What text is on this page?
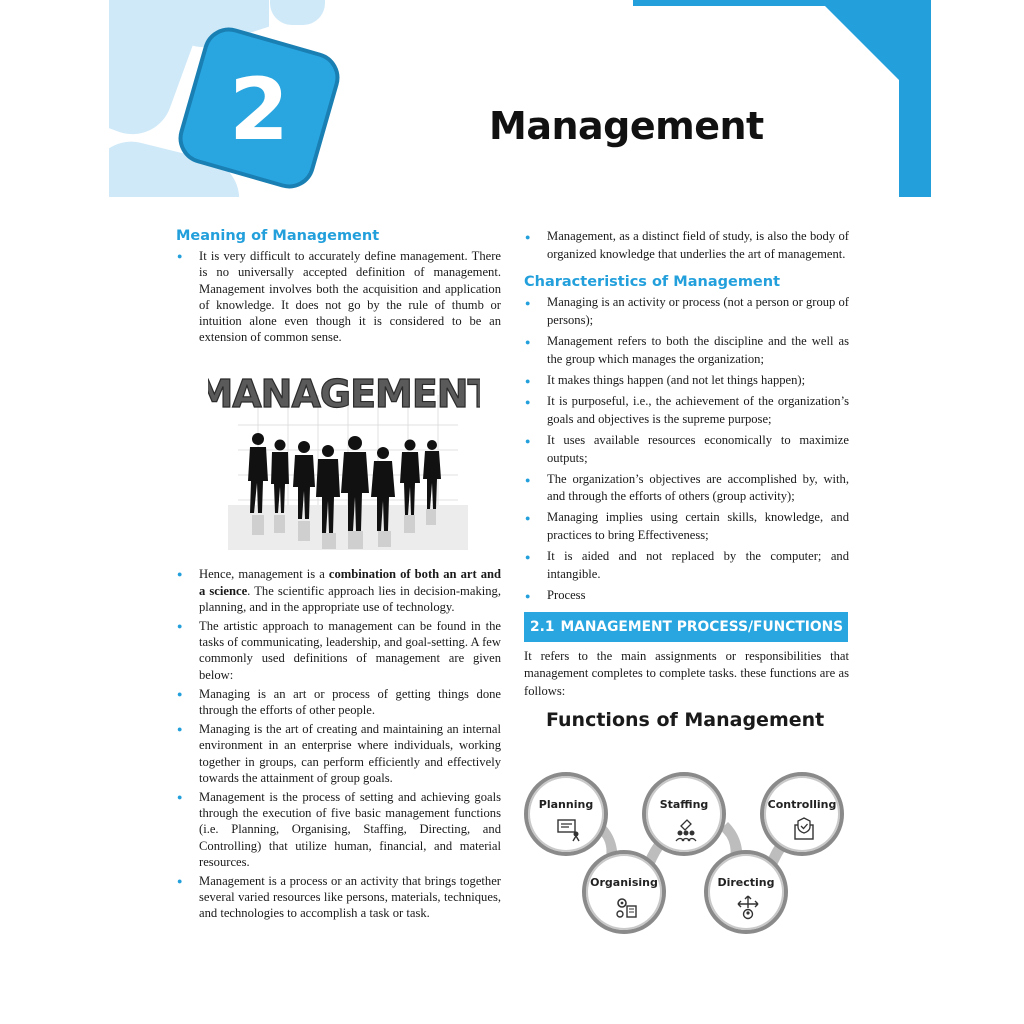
2	Management
Meaning of Management
● It is very difficult to accurately define management. There is no universally accepted definition of management. Management involves both the acquisition and application of knowledge. It does not go by the rule of thumb or intuition alone even though it is considered to be an extension of common sense.
MANAGEMENT
● Hence, management is a combination of both an art and a science. The scientific approach lies in decision-making, planning, and in the appropriate use of technology.
● The artistic approach to management can be found in the tasks of communicating, leadership, and goal-setting. A few commonly used definitions of management are given below:
● Managing is an art or process of getting things done through the efforts of other people.
● Managing is the art of creating and maintaining an internal environment in an enterprise where individuals, working together in groups, can perform efficiently and effectively towards the attainment of group goals.
● Management is the process of setting and achieving goals through the execution of five basic management functions (i.e. Planning, Organising, Staffing, Directing, and Controlling) that utilize human, financial, and material resources.
● Management is a process or an activity that brings together several varied resources like persons, materials, techniques, and technologies to accomplish a task or task.
● Management, as a distinct field of study, is also the body of organized knowledge that underlies the art of management.
Characteristics of Management
● Managing is an activity or process (not a person or group of persons);
● Management refers to both the discipline and the well as the group which manages the organization;
● It makes things happen (and not let things happen);
● It is purposeful, i.e., the achievement of the organization’s goals and objectives is the supreme purpose;
● It uses available resources economically to maximize outputs;
● The organization’s objectives are accomplished by, with, and through the efforts of others (group activity);
● Managing implies using certain skills, knowledge, and practices to bring Effectiveness;
● It is aided and not replaced by the computer; and intangible.
● Process
2.1 MANAGEMENT PROCESS/FUNCTIONS
It refers to the main assignments or responsibilities that management completes to complete tasks. these functions are as follows:
Functions of Management
Planning	Staffing	Controlling
Organising	Directing
